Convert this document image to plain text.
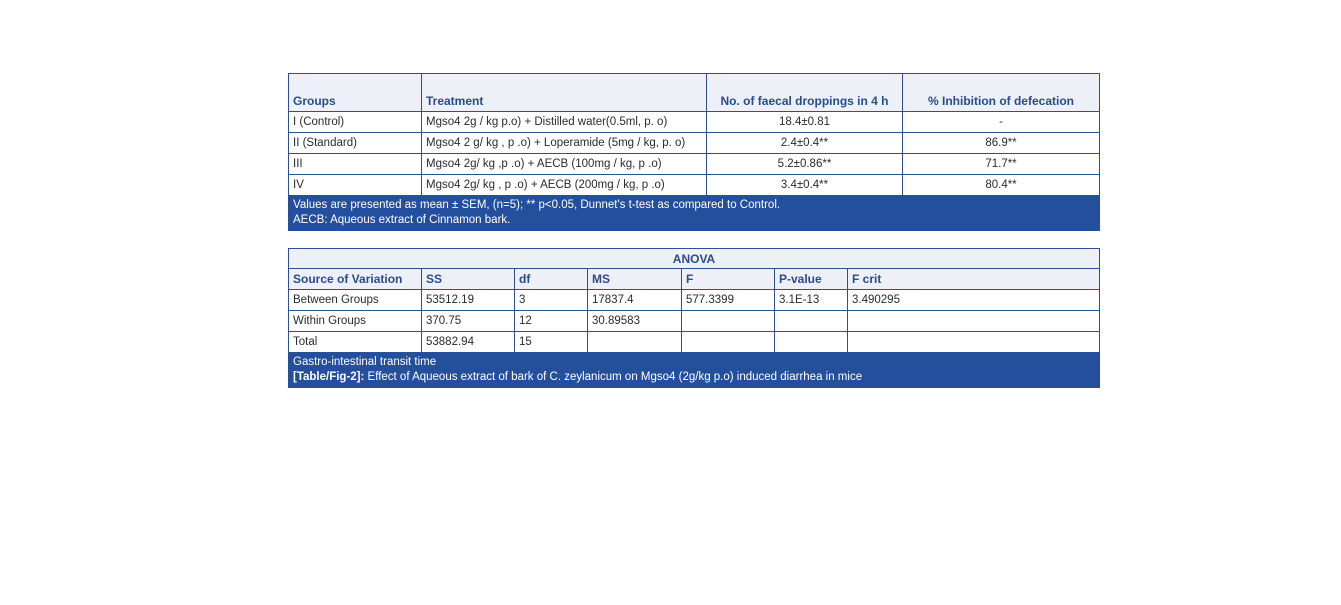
Groups	Treatment	No. of faecal droppings in 4 h	% Inhibition of defecation
I (Control)	Mgso4 2g / kg p.o) + Distilled water(0.5ml, p. o)	18.4±0.81	-
II (Standard)	Mgso4 2 g/ kg , p .o) + Loperamide (5mg / kg, p. o)	2.4±0.4**	86.9**
III	Mgso4 2g/ kg ,p .o) + AECB (100mg / kg, p .o)	5.2±0.86**	71.7**
IV	Mgso4 2g/ kg , p .o) + AECB (200mg / kg, p .o)	3.4±0.4**	80.4**

Values are presented as mean ± SEM, (n=5); ** p<0.05, Dunnet's t-test as compared to Control.
AECB: Aqueous extract of Cinnamon bark.			
ANOVA						
Source of Variation	SS	df	MS	F	P-value	F crit
Between Groups	53512.19	3	17837.4	577.3399	3.1E-13	3.490295
Within Groups	370.75	12	30.89583			
Total	53882.94	15				

Gastro-intestinal transit time
[Table/Fig-2]: Effect of Aqueous extract of bark of C. zeylanicum on Mgso4 (2g/kg p.o) induced diarrhea in mice						
